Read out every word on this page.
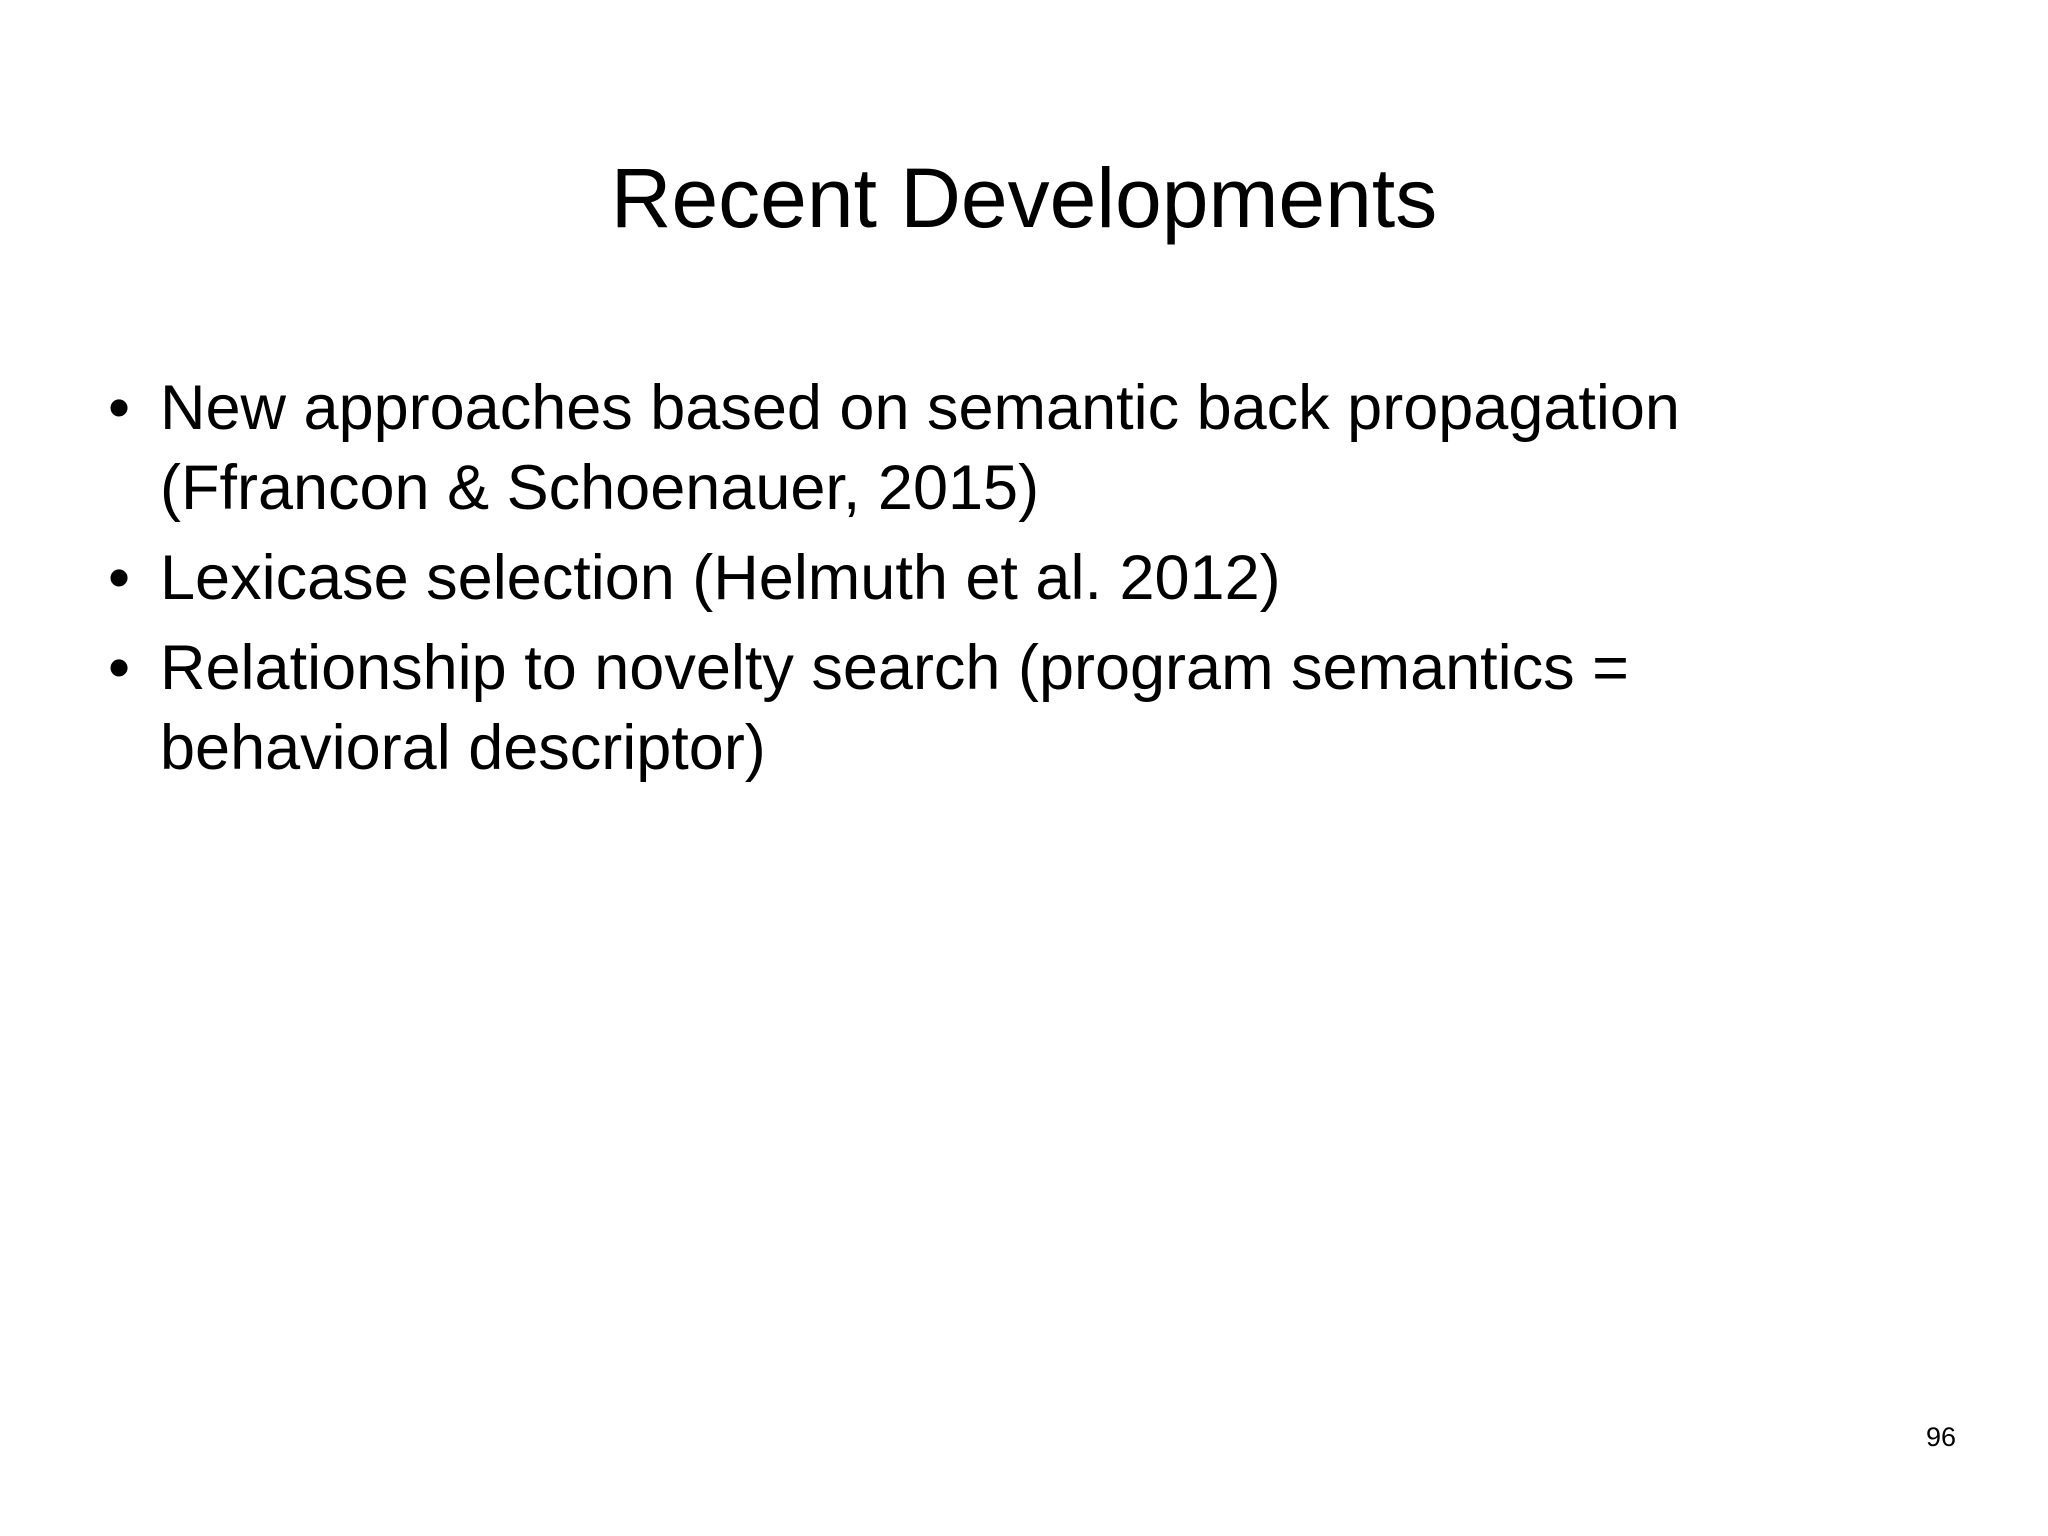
Recent Developments
• New approaches based on semantic back propagation
(Ffrancon & Schoenauer, 2015)
• Lexicase selection (Helmuth et al. 2012)
• Relationship to novelty search (program semantics =
behavioral descriptor)
96
